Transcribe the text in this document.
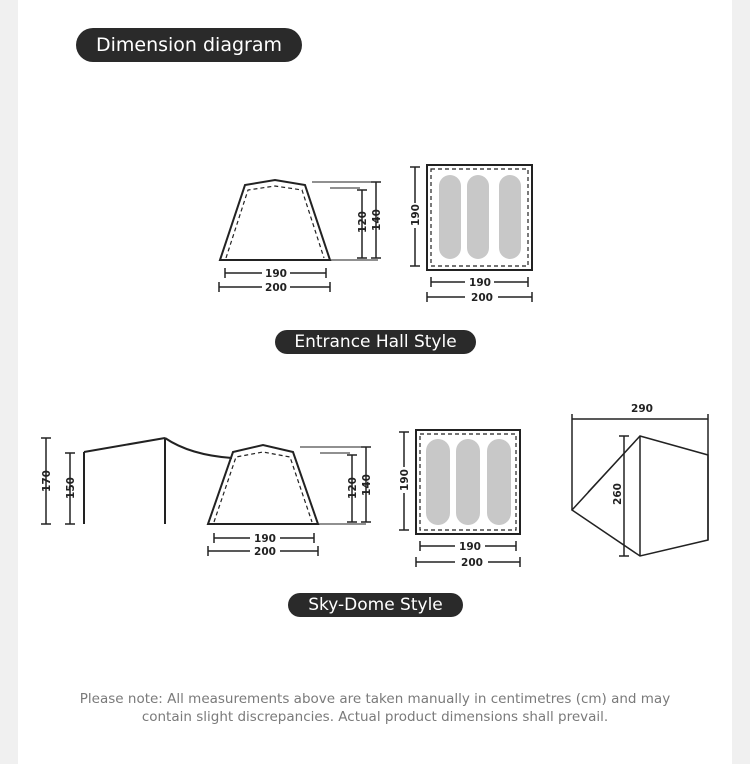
Dimension diagram
120 140
190
200
190
190
200
170 150	120 140
190
200
190
190
200
290
260
Entrance Hall Style
Sky-Dome Style
Please note: All measurements above are taken manually in centimetres (cm) and may
contain slight discrepancies. Actual product dimensions shall prevail.
